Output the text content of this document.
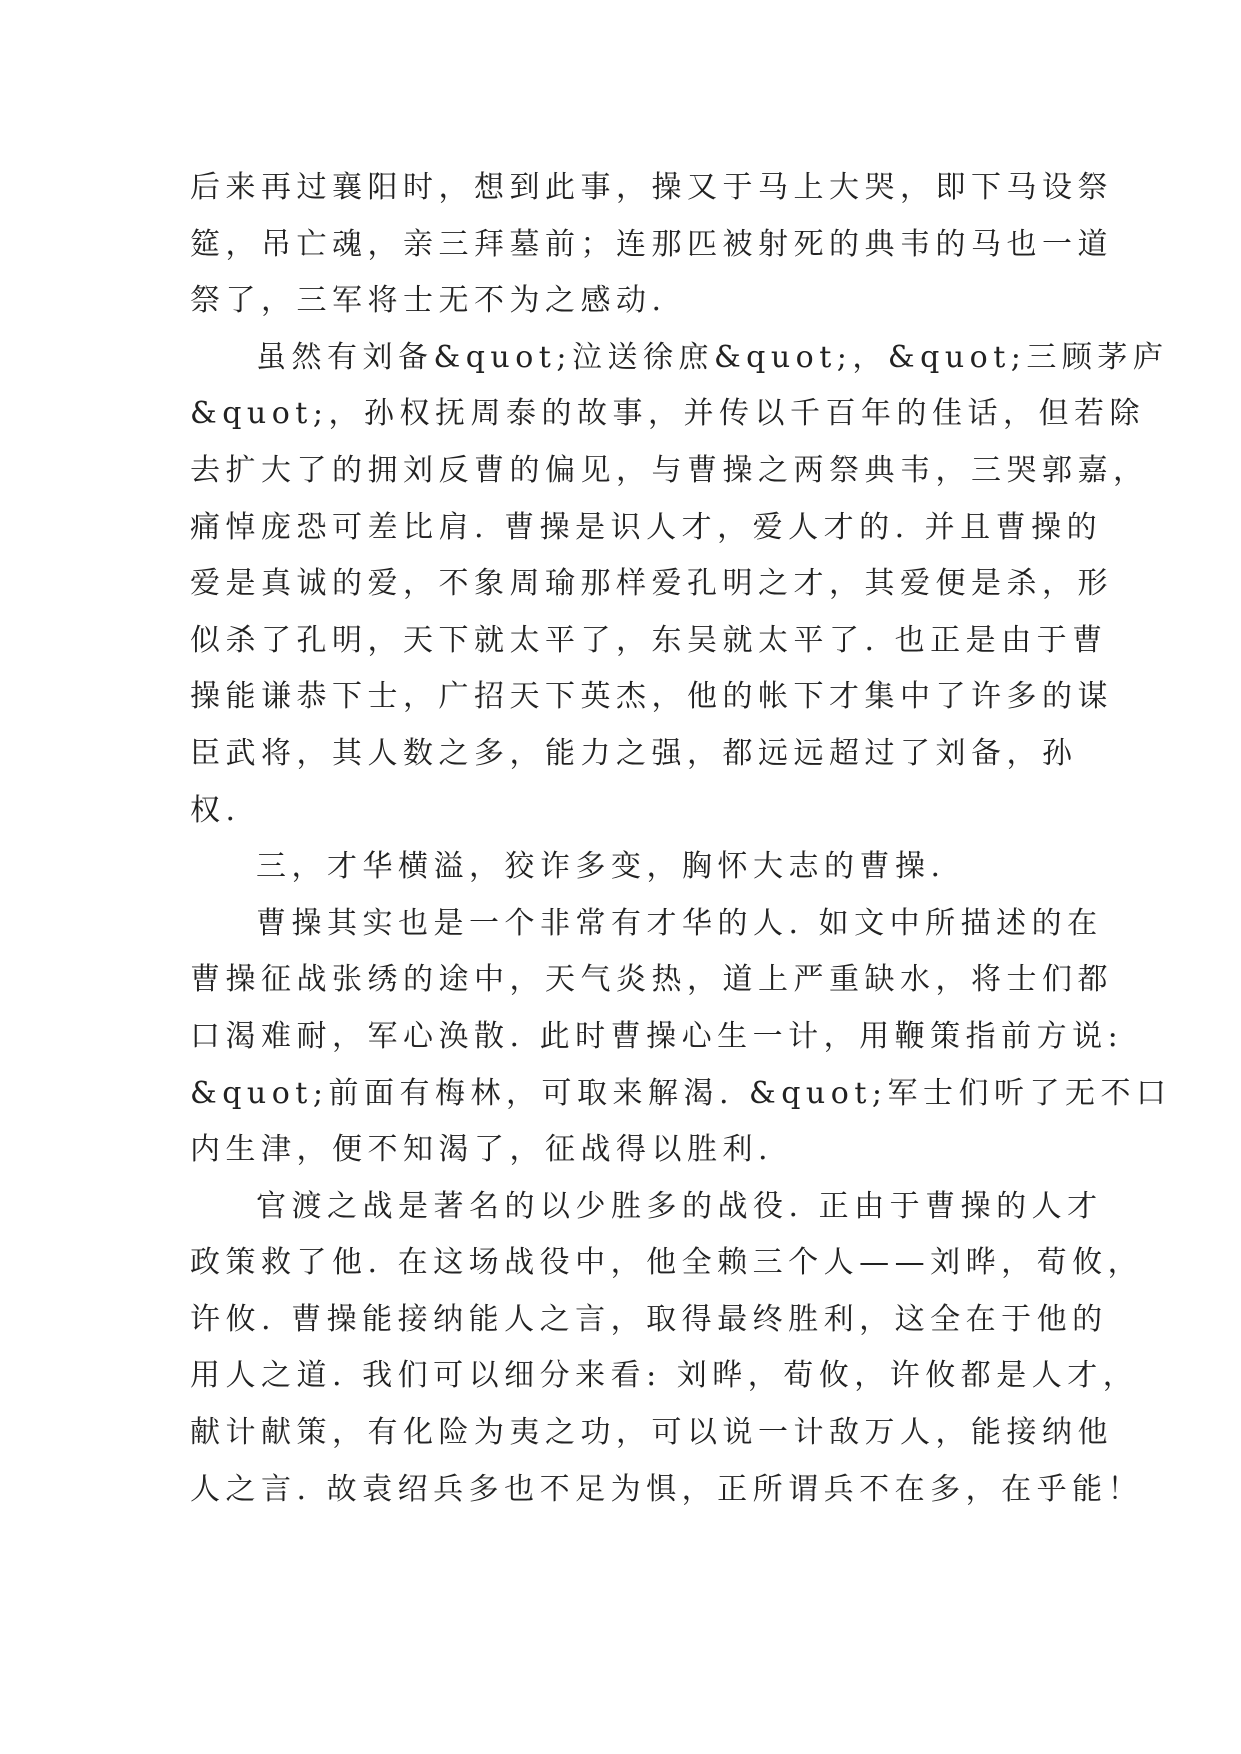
后来再过襄阳时，想到此事，操又于马上大哭，即下马设祭
筵，吊亡魂，亲三拜墓前；连那匹被射死的典韦的马也一道
祭了，三军将士无不为之感动.
虽然有刘备&quot;泣送徐庶&quot;，&quot;三顾茅庐
&quot;，孙权抚周泰的故事，并传以千百年的佳话，但若除
去扩大了的拥刘反曹的偏见，与曹操之两祭典韦，三哭郭嘉，
痛悼庞恐可差比肩. 曹操是识人才，爱人才的. 并且曹操的
爱是真诚的爱，不象周瑜那样爱孔明之才，其爱便是杀，形
似杀了孔明，天下就太平了，东吴就太平了. 也正是由于曹
操能谦恭下士，广招天下英杰，他的帐下才集中了许多的谋
臣武将，其人数之多，能力之强，都远远超过了刘备，孙
权.
三，才华横溢，狡诈多变，胸怀大志的曹操.
曹操其实也是一个非常有才华的人. 如文中所描述的在
曹操征战张绣的途中，天气炎热，道上严重缺水，将士们都
口渴难耐，军心涣散. 此时曹操心生一计，用鞭策指前方说:
&quot;前面有梅林，可取来解渴. &quot;军士们听了无不口
内生津，便不知渴了，征战得以胜利.
官渡之战是著名的以少胜多的战役. 正由于曹操的人才
政策救了他. 在这场战役中，他全赖三个人——刘晔，荀攸，
许攸. 曹操能接纳能人之言，取得最终胜利，这全在于他的
用人之道. 我们可以细分来看: 刘晔，荀攸，许攸都是人才，
献计献策，有化险为夷之功，可以说一计敌万人，能接纳他
人之言. 故袁绍兵多也不足为惧，正所谓兵不在多，在乎能！
